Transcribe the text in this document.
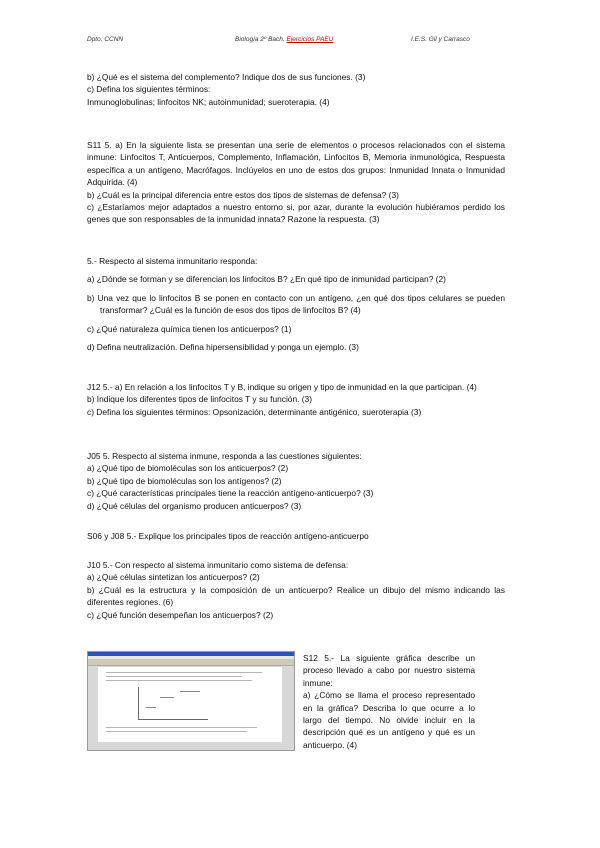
Dpto. CCNN	Biología 2º Bach. Ejercicios PAEU	I.E.S. Gil y Carrasco

b) ¿Qué es el sistema del complemento? Indique dos de sus funciones. (3)

c) Defina los siguientes términos:

Inmunoglobulinas; linfocitos NK; autoinmunidad; sueroterapia. (4)

S11 5. a) En la siguiente lista se presentan una serie de elementos o procesos relacionados con el sistema inmune: Linfocitos T, Anticuerpos, Complemento, Inflamación, Linfocitos B, Memoria inmunológica, Respuesta específica a un antígeno, Macrófagos. Inclúyelos en uno de estos dos grupos: Inmunidad Innata o Inmunidad Adquirida. (4)

b) ¿Cuál es la principal diferencia entre estos dos tipos de sistemas de defensa? (3)

c) ¿Estaríamos mejor adaptados a nuestro entorno si, por azar, durante la evolución hubiéramos perdido los genes que son responsables de la inmunidad innata? Razone la respuesta. (3)

5.- Respecto al sistema inmunitario responda:

a) ¿Dónde se forman y se diferencian los linfocitos B? ¿En qué tipo de inmunidad participan? (2)

b) Una vez que lo linfocitos B se ponen en contacto con un antígeno, ¿en qué dos tipos celulares se pueden transformar? ¿Cuál es la función de esos dos tipos de linfocitos B? (4)

c) ¿Qué naturaleza química tienen los anticuerpos? (1)

d) Defina neutralización. Defina hipersensibilidad y ponga un ejemplo. (3)

J12 5.- a) En relación a los linfocitos T y B, indique su origen y tipo de inmunidad en la que participan. (4)

b) Indique los diferentes tipos de linfocitos T y su función. (3)

c) Defina los siguientes términos: Opsonización, determinante antigénico, sueroterapia (3)

J05 5. Respecto al sistema inmune, responda a las cuestiones siguientes:

a) ¿Qué tipo de biomoléculas son los anticuerpos? (2)

b) ¿Qué tipo de biomoléculas son los antígenos? (2)

c) ¿Qué características principales tiene la reacción antígeno-anticuerpo? (3)

d) ¿Qué células del organismo producen anticuerpos? (3)

S06 y J08 5.- Explique los principales tipos de reacción antígeno-anticuerpo

J10 5.- Con respecto al sistema inmunitario como sistema de defensa:

a) ¿Qué células sintetizan los anticuerpos? (2)

b) ¿Cuál es la estructura y la composición de un anticuerpo? Realice un dibujo del mismo indicando las diferentes regiones. (6)

c) ¿Qué función desempeñan los anticuerpos? (2)

S12 5.- La siguiente gráfica describe un proceso llevado a cabo por nuestro sistema inmune:

a) ¿Cómo se llama el proceso representado en la gráfica? Describa lo que ocurre a lo largo del tiempo. No olvide incluir en la descripción qué es un antígeno y qué es un anticuerpo. (4)
